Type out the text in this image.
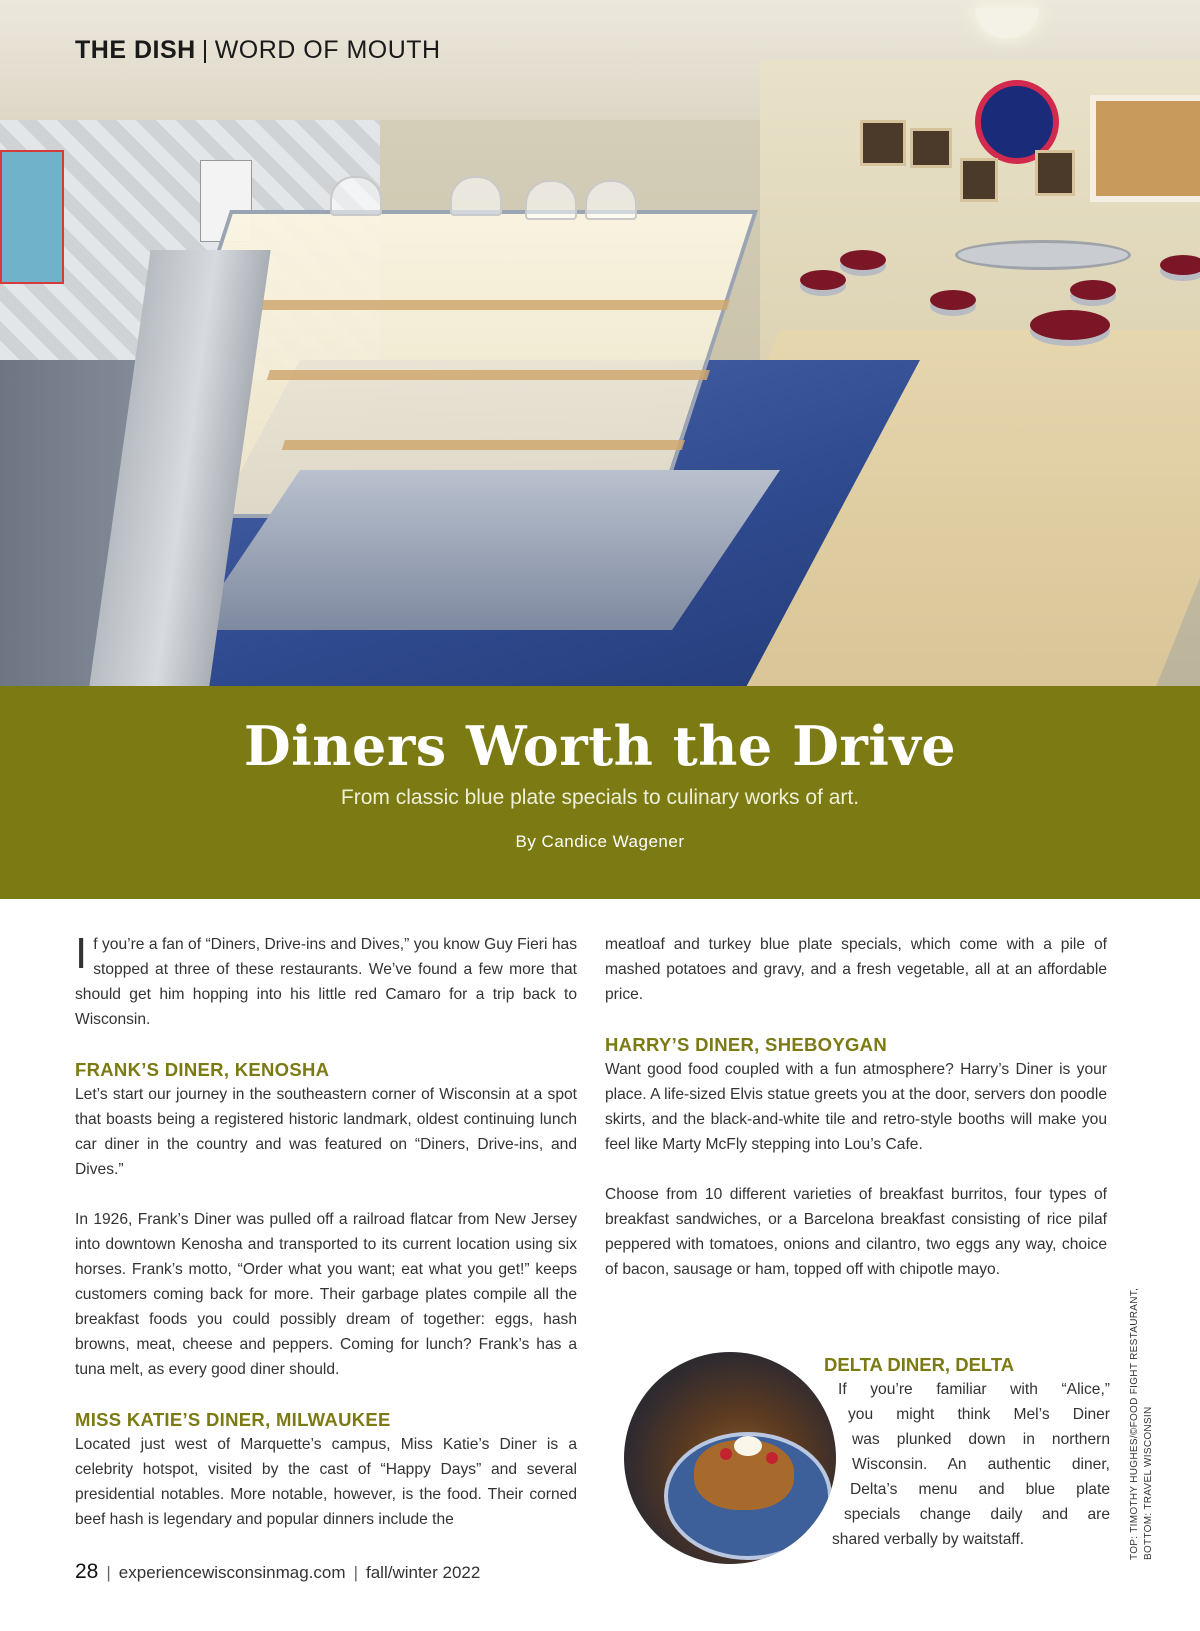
THE DISH | WORD OF MOUTH
Diners Worth the Drive
From classic blue plate specials to culinary works of art.
By Candice Wagener

If you’re a fan of “Diners, Drive-ins and Dives,” you know Guy Fieri has stopped at three of these restaurants. We’ve found a few more that should get him hopping into his little red Camaro for a trip back to Wisconsin.

FRANK’S DINER, KENOSHA

Let’s start our journey in the southeastern corner of Wisconsin at a spot that boasts being a registered historic landmark, oldest continuing lunch car diner in the country and was featured on “Diners, Drive-ins, and Dives.”

In 1926, Frank’s Diner was pulled off a railroad flatcar from New Jersey into downtown Kenosha and transported to its current location using six horses. Frank’s motto, “Order what you want; eat what you get!” keeps customers coming back for more. Their garbage plates compile all the breakfast foods you could possibly dream of together: eggs, hash browns, meat, cheese and peppers. Coming for lunch? Frank’s has a tuna melt, as every good diner should.

MISS KATIE’S DINER, MILWAUKEE

Located just west of Marquette’s campus, Miss Katie’s Diner is a celebrity hotspot, visited by the cast of “Happy Days” and several presidential notables. More notable, however, is the food. Their corned beef hash is legendary and popular dinners include the

meatloaf and turkey blue plate specials, which come with a pile of mashed potatoes and gravy, and a fresh vegetable, all at an affordable price.

HARRY’S DINER, SHEBOYGAN

Want good food coupled with a fun atmosphere? Harry’s Diner is your place. A life-sized Elvis statue greets you at the door, servers don poodle skirts, and the black-and-white tile and retro-style booths will make you feel like Marty McFly stepping into Lou’s Cafe.

Choose from 10 different varieties of breakfast burritos, four types of breakfast sandwiches, or a Barcelona breakfast consisting of rice pilaf peppered with tomatoes, onions and cilantro, two eggs any way, choice of bacon, sausage or ham, topped off with chipotle mayo.

DELTA DINER, DELTA
If you’re familiar with “Alice,”
you might think Mel’s Diner
was plunked down in northern
Wisconsin. An authentic diner,
Delta’s menu and blue plate
specials change daily and are
shared verbally by waitstaff.	TOP: TIMOTHY HUGHES/©FOOD FIGHT RESTAURANT, BOTTOM: TRAVEL WISCONSIN
28 | experiencewisconsinmag.com | fall/winter 2022
